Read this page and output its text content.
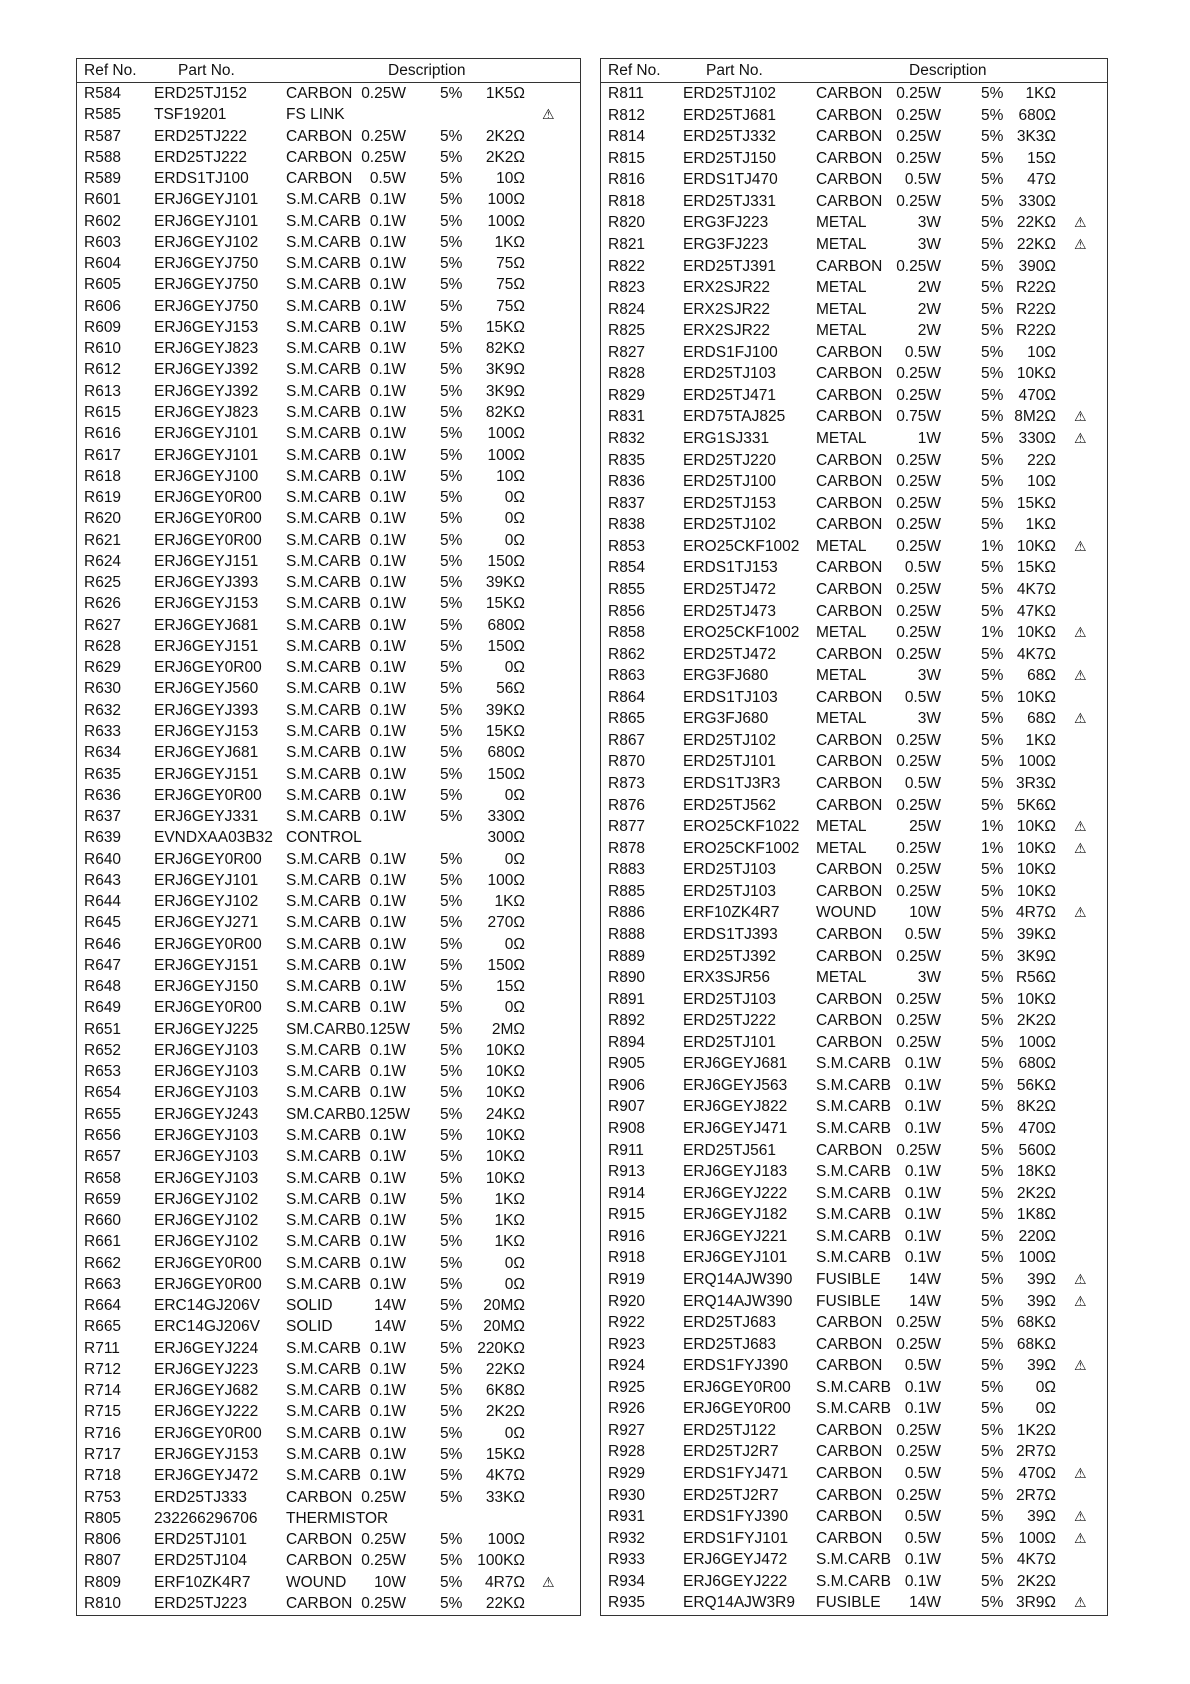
Ref No.	Part No.	Description
R584 ERD25TJ152	CARBON 0.25W 5%	1K5Ω
R585 TSF19201	FS LINK	⚠
R587 ERD25TJ222	CARBON 0.25W 5%	2K2Ω
R588 ERD25TJ222	CARBON 0.25W 5%	2K2Ω
R589 ERDS1TJ100 CARBON	0.5W 5%	10Ω
R601 ERJ6GEYJ101 S.M.CARB 0.1W 5%	100Ω
R602 ERJ6GEYJ101 S.M.CARB 0.1W 5%	100Ω
R603 ERJ6GEYJ102 S.M.CARB 0.1W 5%	1KΩ
R604 ERJ6GEYJ750 S.M.CARB 0.1W 5%	75Ω
R605 ERJ6GEYJ750 S.M.CARB 0.1W 5%	75Ω
R606 ERJ6GEYJ750 S.M.CARB 0.1W 5%	75Ω
R609 ERJ6GEYJ153 S.M.CARB 0.1W 5%	15KΩ
R610 ERJ6GEYJ823 S.M.CARB 0.1W 5%	82KΩ
R612 ERJ6GEYJ392 S.M.CARB 0.1W 5%	3K9Ω
R613 ERJ6GEYJ392 S.M.CARB 0.1W 5%	3K9Ω
R615 ERJ6GEYJ823 S.M.CARB 0.1W 5%	82KΩ
R616 ERJ6GEYJ101 S.M.CARB 0.1W 5%	100Ω
R617 ERJ6GEYJ101 S.M.CARB 0.1W 5%	100Ω
R618 ERJ6GEYJ100 S.M.CARB 0.1W 5%	10Ω
R619 ERJ6GEY0R00 S.M.CARB 0.1W 5%	0Ω
R620 ERJ6GEY0R00 S.M.CARB 0.1W 5%	0Ω
R621 ERJ6GEY0R00 S.M.CARB 0.1W 5%	0Ω
R624 ERJ6GEYJ151 S.M.CARB 0.1W 5%	150Ω
R625 ERJ6GEYJ393 S.M.CARB 0.1W 5%	39KΩ
R626 ERJ6GEYJ153 S.M.CARB 0.1W 5%	15KΩ
R627 ERJ6GEYJ681 S.M.CARB 0.1W 5%	680Ω
R628 ERJ6GEYJ151 S.M.CARB 0.1W 5%	150Ω
R629 ERJ6GEY0R00 S.M.CARB 0.1W 5%	0Ω
R630 ERJ6GEYJ560 S.M.CARB 0.1W 5%	56Ω
R632 ERJ6GEYJ393 S.M.CARB 0.1W 5%	39KΩ
R633 ERJ6GEYJ153 S.M.CARB 0.1W 5%	15KΩ
R634 ERJ6GEYJ681 S.M.CARB 0.1W 5%	680Ω
R635 ERJ6GEYJ151 S.M.CARB 0.1W 5%	150Ω
R636 ERJ6GEY0R00 S.M.CARB 0.1W 5%	0Ω
R637 ERJ6GEYJ331 S.M.CARB 0.1W 5%	330Ω
R639 EVNDXAA03B32 CONTROL	300Ω
R640 ERJ6GEY0R00 S.M.CARB 0.1W 5%	0Ω
R643 ERJ6GEYJ101 S.M.CARB 0.1W 5%	100Ω
R644 ERJ6GEYJ102 S.M.CARB 0.1W 5%	1KΩ
R645 ERJ6GEYJ271 S.M.CARB 0.1W 5%	270Ω
R646 ERJ6GEY0R00 S.M.CARB 0.1W 5%	0Ω
R647 ERJ6GEYJ151 S.M.CARB 0.1W 5%	150Ω
R648 ERJ6GEYJ150 S.M.CARB 0.1W 5%	15Ω
R649 ERJ6GEY0R00 S.M.CARB 0.1W 5%	0Ω
R651 ERJ6GEYJ225 SM.CARB0.125W 5%	2MΩ
R652 ERJ6GEYJ103 S.M.CARB 0.1W 5%	10KΩ
R653 ERJ6GEYJ103 S.M.CARB 0.1W 5%	10KΩ
R654 ERJ6GEYJ103 S.M.CARB 0.1W 5%	10KΩ
R655 ERJ6GEYJ243 SM.CARB0.125W 5%	24KΩ
R656 ERJ6GEYJ103 S.M.CARB 0.1W 5%	10KΩ
R657 ERJ6GEYJ103 S.M.CARB 0.1W 5%	10KΩ
R658 ERJ6GEYJ103 S.M.CARB 0.1W 5%	10KΩ
R659 ERJ6GEYJ102 S.M.CARB 0.1W 5%	1KΩ
R660 ERJ6GEYJ102 S.M.CARB 0.1W 5%	1KΩ
R661 ERJ6GEYJ102 S.M.CARB 0.1W 5%	1KΩ
R662 ERJ6GEY0R00 S.M.CARB 0.1W 5%	0Ω
R663 ERJ6GEY0R00 S.M.CARB 0.1W 5%	0Ω
R664 ERC14GJ206V SOLID	14W 5%	20MΩ
R665 ERC14GJ206V SOLID	14W 5%	20MΩ
R711 ERJ6GEYJ224 S.M.CARB 0.1W 5% 220KΩ
R712 ERJ6GEYJ223 S.M.CARB 0.1W 5%	22KΩ
R714 ERJ6GEYJ682 S.M.CARB 0.1W 5%	6K8Ω
R715 ERJ6GEYJ222 S.M.CARB 0.1W 5%	2K2Ω
R716 ERJ6GEY0R00 S.M.CARB 0.1W 5%	0Ω
R717 ERJ6GEYJ153 S.M.CARB 0.1W 5%	15KΩ
R718 ERJ6GEYJ472 S.M.CARB 0.1W 5%	4K7Ω
R753 ERD25TJ333	CARBON 0.25W 5%	33KΩ
R805 232266296706 THERMISTOR
R806 ERD25TJ101	CARBON 0.25W 5%	100Ω
R807 ERD25TJ104	CARBON 0.25W 5% 100KΩ
R809 ERF10ZK4R7 WOUND	10W 5%	4R7Ω ⚠
R810 ERD25TJ223	CARBON 0.25W 5%	22KΩ
Ref No.	Part No.	Description
R811	ERD25TJ102	CARBON 0.25W	5%	1KΩ
R812 ERD25TJ681	CARBON 0.25W	5% 680Ω
R814 ERD25TJ332	CARBON 0.25W	5% 3K3Ω
R815 ERD25TJ150	CARBON 0.25W	5%	15Ω
R816 ERDS1TJ470 CARBON	0.5W	5%	47Ω
R818 ERD25TJ331	CARBON 0.25W	5% 330Ω
R820 ERG3FJ223	METAL	3W	5% 22KΩ ⚠
R821 ERG3FJ223	METAL	3W	5% 22KΩ ⚠
R822 ERD25TJ391	CARBON 0.25W	5% 390Ω
R823 ERX2SJR22	METAL	2W	5% R22Ω
R824 ERX2SJR22	METAL	2W	5% R22Ω
R825 ERX2SJR22	METAL	2W	5% R22Ω
R827 ERDS1FJ100 CARBON	0.5W	5%	10Ω
R828 ERD25TJ103	CARBON 0.25W	5% 10KΩ
R829 ERD25TJ471	CARBON 0.25W	5% 470Ω
R831 ERD75TAJ825 CARBON 0.75W	5% 8M2Ω ⚠
R832 ERG1SJ331	METAL	1W	5% 330Ω ⚠
R835 ERD25TJ220	CARBON 0.25W	5%	22Ω
R836 ERD25TJ100	CARBON 0.25W	5%	10Ω
R837 ERD25TJ153	CARBON 0.25W	5% 15KΩ
R838 ERD25TJ102	CARBON 0.25W	5%	1KΩ
R853 ERO25CKF1002 METAL	0.25W	1% 10KΩ ⚠
R854 ERDS1TJ153 CARBON	0.5W	5% 15KΩ
R855 ERD25TJ472	CARBON 0.25W	5% 4K7Ω
R856 ERD25TJ473	CARBON 0.25W	5% 47KΩ
R858 ERO25CKF1002 METAL	0.25W	1% 10KΩ ⚠
R862 ERD25TJ472	CARBON 0.25W	5% 4K7Ω
R863 ERG3FJ680	METAL	3W	5%	68Ω ⚠
R864 ERDS1TJ103 CARBON	0.5W	5% 10KΩ
R865 ERG3FJ680	METAL	3W	5%	68Ω ⚠
R867 ERD25TJ102	CARBON 0.25W	5%	1KΩ
R870 ERD25TJ101	CARBON 0.25W	5% 100Ω
R873 ERDS1TJ3R3 CARBON	0.5W	5% 3R3Ω
R876 ERD25TJ562	CARBON 0.25W	5% 5K6Ω
R877 ERO25CKF1022 METAL	25W	1% 10KΩ ⚠
R878 ERO25CKF1002 METAL	0.25W	1% 10KΩ ⚠
R883 ERD25TJ103	CARBON 0.25W	5% 10KΩ
R885 ERD25TJ103	CARBON 0.25W	5% 10KΩ
R886 ERF10ZK4R7 WOUND	10W	5% 4R7Ω ⚠
R888 ERDS1TJ393 CARBON	0.5W	5% 39KΩ
R889 ERD25TJ392	CARBON 0.25W	5% 3K9Ω
R890 ERX3SJR56	METAL	3W	5% R56Ω
R891 ERD25TJ103	CARBON 0.25W	5% 10KΩ
R892 ERD25TJ222	CARBON 0.25W	5% 2K2Ω
R894 ERD25TJ101	CARBON 0.25W	5% 100Ω
R905 ERJ6GEYJ681 S.M.CARB 0.1W	5% 680Ω
R906 ERJ6GEYJ563 S.M.CARB 0.1W	5% 56KΩ
R907 ERJ6GEYJ822 S.M.CARB 0.1W	5% 8K2Ω
R908 ERJ6GEYJ471 S.M.CARB 0.1W	5% 470Ω
R911	ERD25TJ561	CARBON 0.25W	5% 560Ω
R913 ERJ6GEYJ183 S.M.CARB 0.1W	5% 18KΩ
R914 ERJ6GEYJ222 S.M.CARB 0.1W	5% 2K2Ω
R915 ERJ6GEYJ182 S.M.CARB 0.1W	5% 1K8Ω
R916 ERJ6GEYJ221 S.M.CARB 0.1W	5% 220Ω
R918 ERJ6GEYJ101 S.M.CARB 0.1W	5% 100Ω
R919 ERQ14AJW390 FUSIBLE	14W	5%	39Ω ⚠
R920 ERQ14AJW390 FUSIBLE	14W	5%	39Ω ⚠
R922 ERD25TJ683	CARBON 0.25W	5% 68KΩ
R923 ERD25TJ683	CARBON 0.25W	5% 68KΩ
R924 ERDS1FYJ390 CARBON	0.5W	5%	39Ω ⚠
R925 ERJ6GEY0R00 S.M.CARB 0.1W	5%	0Ω
R926 ERJ6GEY0R00 S.M.CARB 0.1W	5%	0Ω
R927 ERD25TJ122	CARBON 0.25W	5% 1K2Ω
R928 ERD25TJ2R7 CARBON 0.25W	5% 2R7Ω
R929 ERDS1FYJ471 CARBON	0.5W	5% 470Ω ⚠
R930 ERD25TJ2R7 CARBON 0.25W	5% 2R7Ω
R931 ERDS1FYJ390 CARBON	0.5W	5%	39Ω ⚠
R932 ERDS1FYJ101 CARBON	0.5W	5% 100Ω ⚠
R933 ERJ6GEYJ472 S.M.CARB 0.1W	5% 4K7Ω
R934 ERJ6GEYJ222 S.M.CARB 0.1W	5% 2K2Ω
R935 ERQ14AJW3R9 FUSIBLE	14W	5% 3R9Ω ⚠
